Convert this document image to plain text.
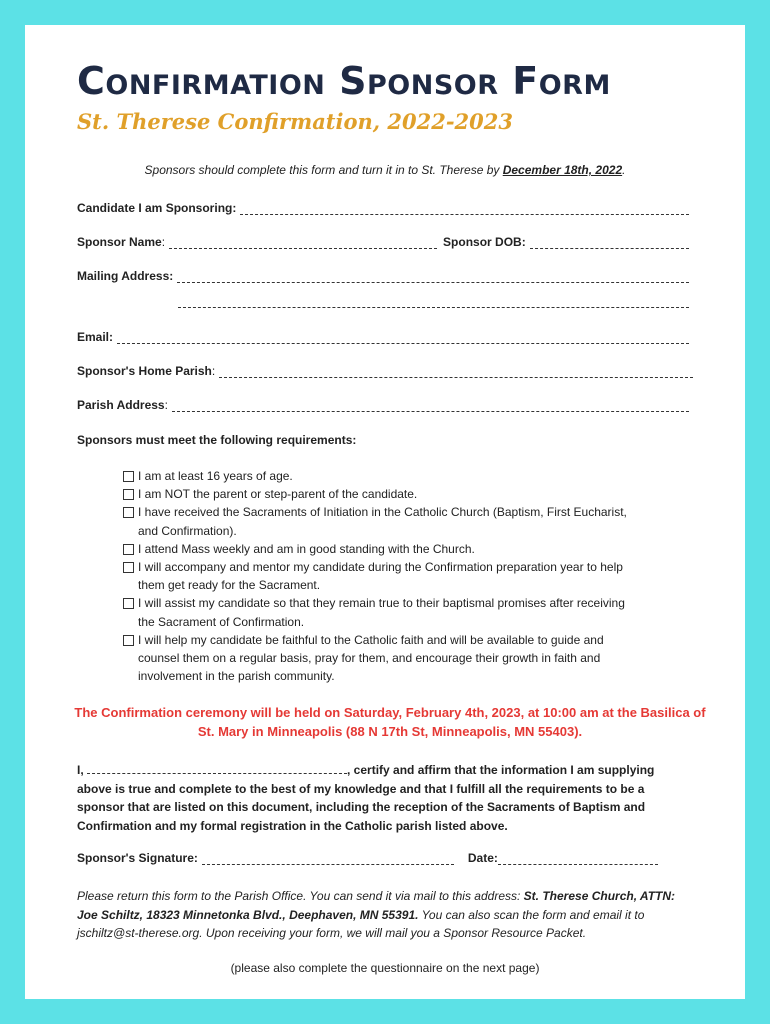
Confirmation Sponsor Form
St. Therese Confirmation, 2022-2023
Sponsors should complete this form and turn it in to St. Therese by December 18th, 2022.
Candidate I am Sponsoring:
Sponsor Name :	Sponsor DOB:
Mailing Address:
Email:
Sponsor's Home Parish :
Parish Address :
Sponsors must meet the following requirements:
I am at least 16 years of age.
I am NOT the parent or step-parent of the candidate.
I have received the Sacraments of Initiation in the Catholic Church (Baptism, First Eucharist, and Confirmation).
I attend Mass weekly and am in good standing with the Church.
I will accompany and mentor my candidate during the Confirmation preparation year to help them get ready for the Sacrament.
I will assist my candidate so that they remain true to their baptismal promises after receiving the Sacrament of Confirmation.
I will help my candidate be faithful to the Catholic faith and will be available to guide and counsel them on a regular basis, pray for them, and encourage their growth in faith and involvement in the parish community.
The Confirmation ceremony will be held on Saturday, February 4th, 2023, at 10:00 am at the Basilica of St. Mary in Minneapolis (88 N 17th St, Minneapolis, MN 55403).
I,	, certify and affirm that the information I am supplying above is true and complete to the best of my knowledge and that I fulfill all the requirements to be a sponsor that are listed on this document, including the reception of the Sacraments of Baptism and Confirmation and my formal registration in the Catholic parish listed above.
Sponsor's Signature:	Date:
Please return this form to the Parish Office. You can send it via mail to this address: St. Therese Church, ATTN: Joe Schiltz, 18323 Minnetonka Blvd., Deephaven, MN 55391. You can also scan the form and email it to jschiltz@st-therese.org. Upon receiving your form, we will mail you a Sponsor Resource Packet.
(please also complete the questionnaire on the next page)
